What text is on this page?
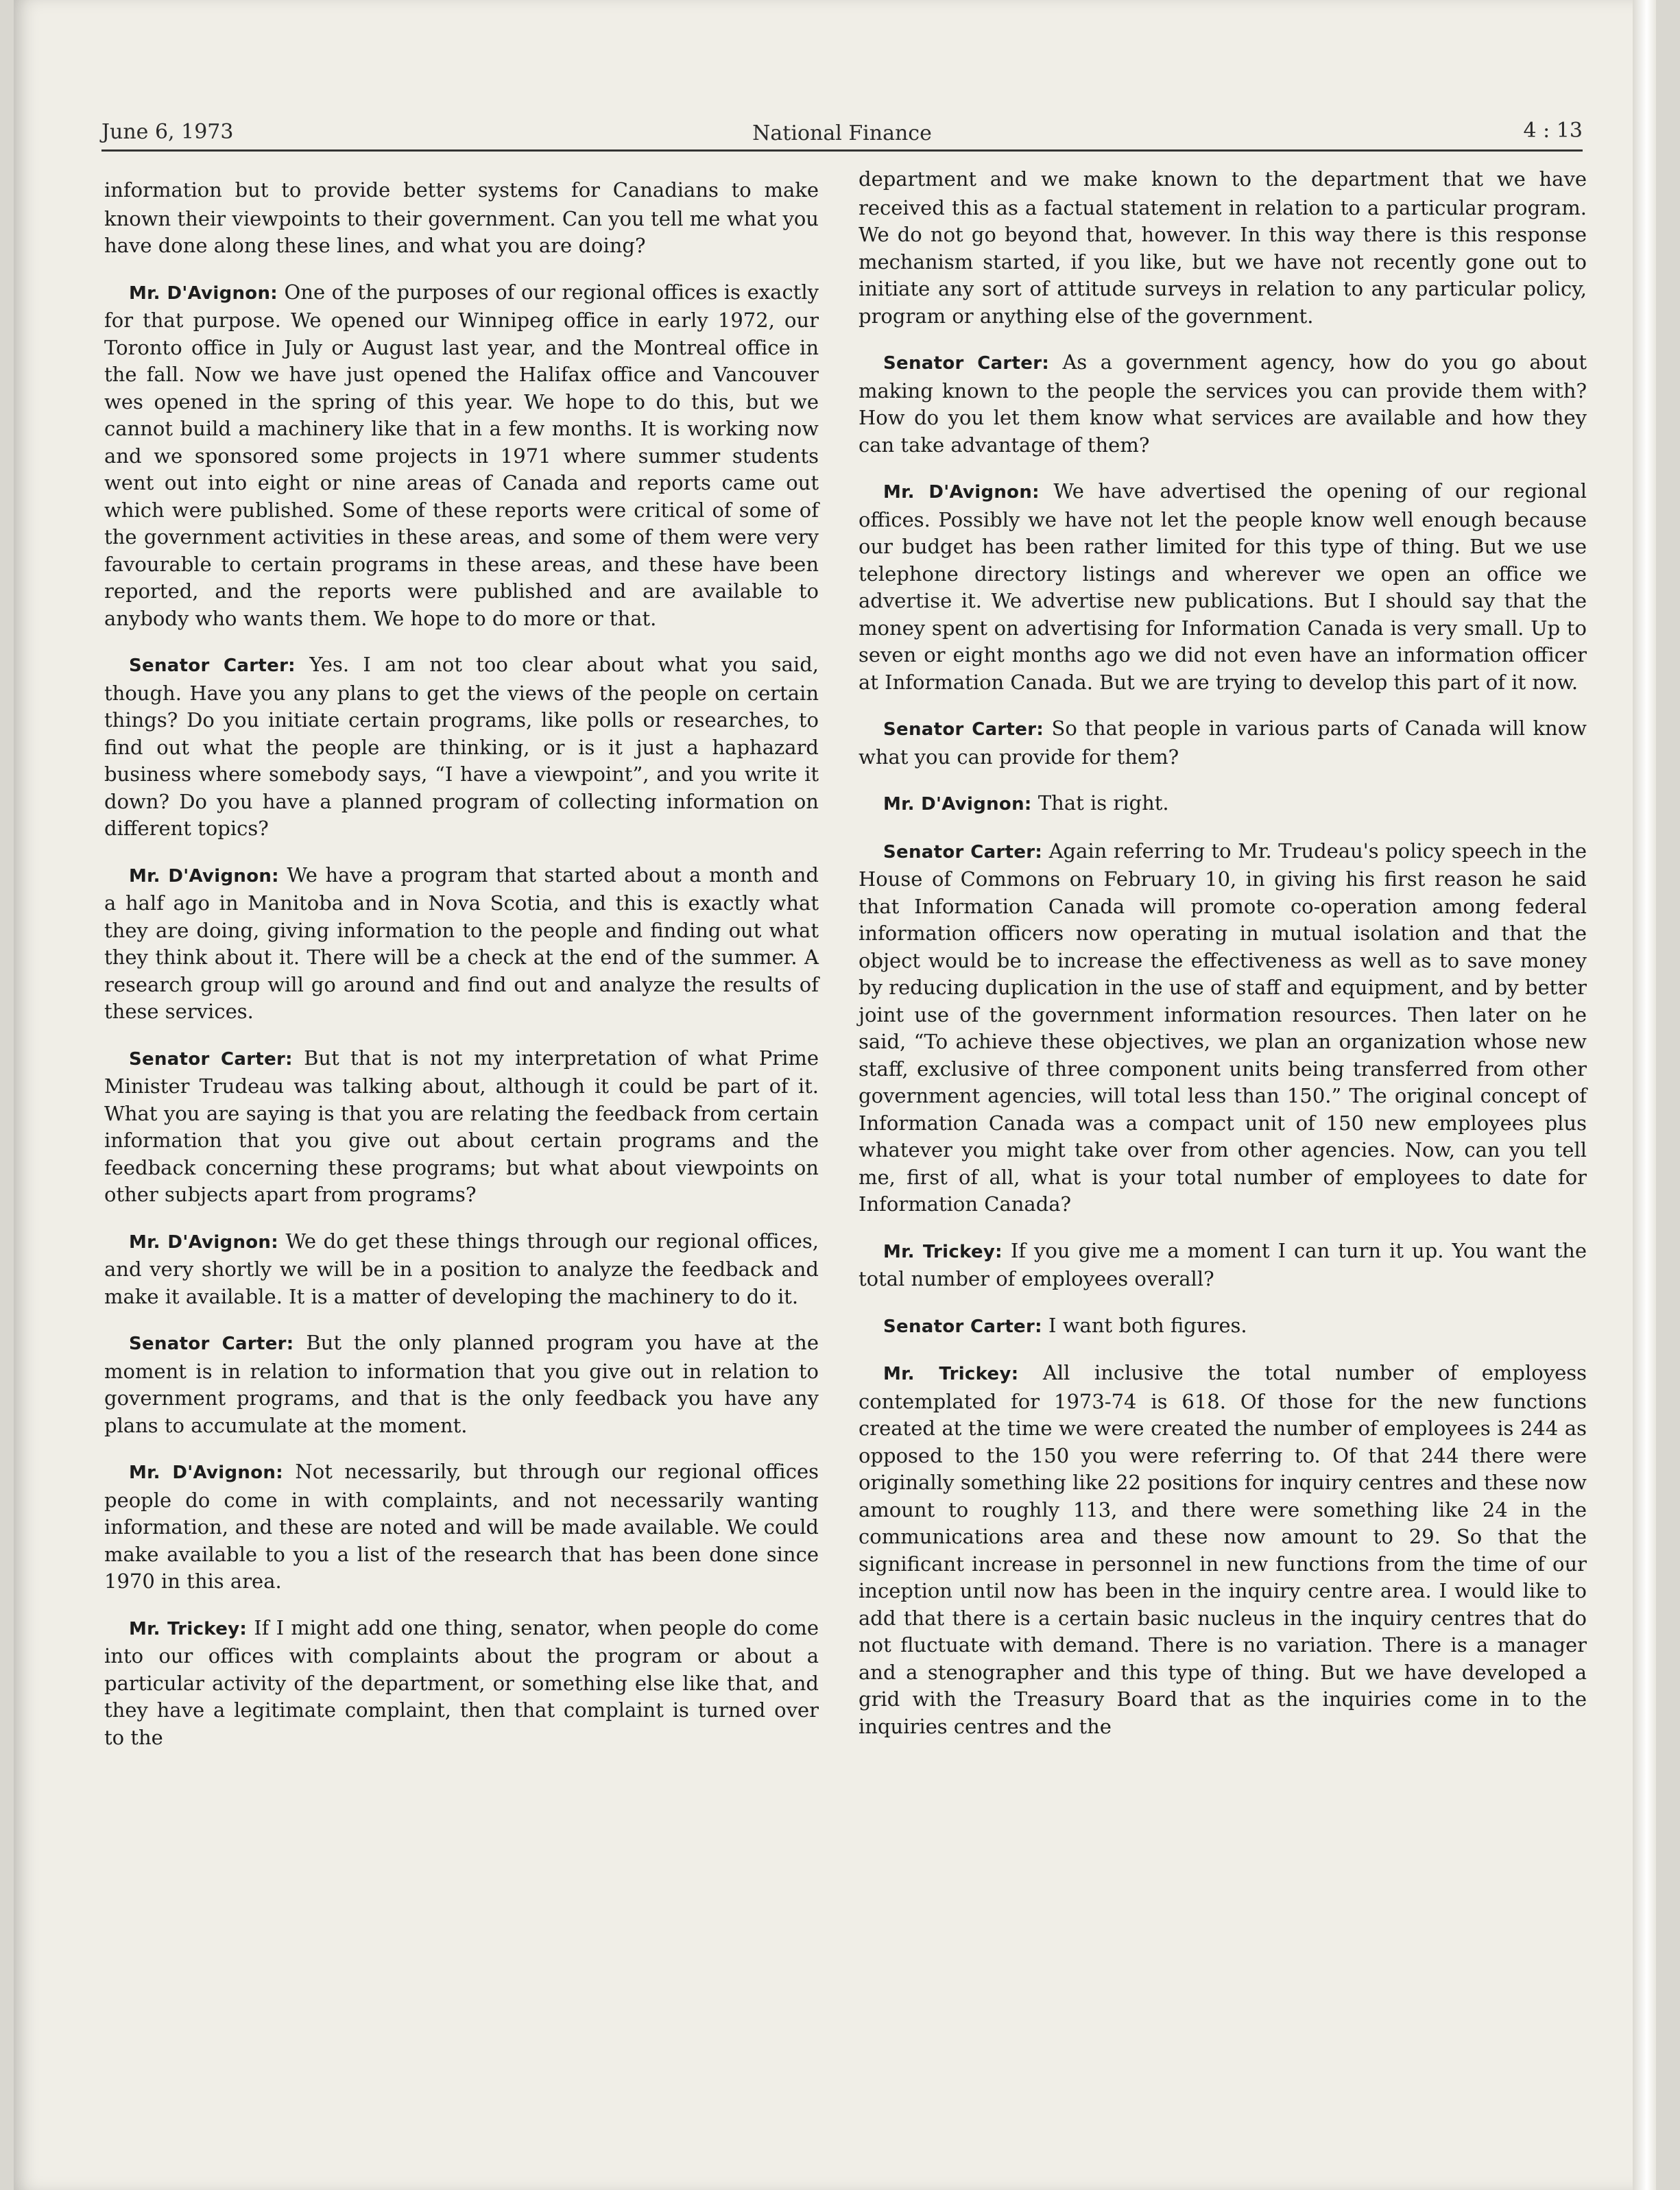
June 6, 1973	National Finance	4 : 13

information but to provide better systems for Canadians to make known their viewpoints to their government. Can you tell me what you have done along these lines, and what you are doing?

Mr. D'Avignon: One of the purposes of our regional offices is exactly for that purpose. We opened our Winnipeg office in early 1972, our Toronto office in July or August last year, and the Montreal office in the fall. Now we have just opened the Halifax office and Vancouver wes opened in the spring of this year. We hope to do this, but we cannot build a machinery like that in a few months. It is working now and we sponsored some projects in 1971 where summer students went out into eight or nine areas of Canada and reports came out which were published. Some of these reports were critical of some of the government activities in these areas, and some of them were very favourable to certain programs in these areas, and these have been reported, and the reports were published and are available to anybody who wants them. We hope to do more or that.

Senator Carter: Yes. I am not too clear about what you said, though. Have you any plans to get the views of the people on certain things? Do you initiate certain programs, like polls or researches, to find out what the people are thinking, or is it just a haphazard business where somebody says, “I have a viewpoint”, and you write it down? Do you have a planned program of collecting information on different topics?

Mr. D'Avignon: We have a program that started about a month and a half ago in Manitoba and in Nova Scotia, and this is exactly what they are doing, giving information to the people and finding out what they think about it. There will be a check at the end of the summer. A research group will go around and find out and analyze the results of these services.

Senator Carter: But that is not my interpretation of what Prime Minister Trudeau was talking about, although it could be part of it. What you are saying is that you are relating the feedback from certain information that you give out about certain programs and the feedback concerning these programs; but what about viewpoints on other subjects apart from programs?

Mr. D'Avignon: We do get these things through our regional offices, and very shortly we will be in a position to analyze the feedback and make it available. It is a matter of developing the machinery to do it.

Senator Carter: But the only planned program you have at the moment is in relation to information that you give out in relation to government programs, and that is the only feedback you have any plans to accumulate at the moment.

Mr. D'Avignon: Not necessarily, but through our regional offices people do come in with complaints, and not necessarily wanting information, and these are noted and will be made available. We could make available to you a list of the research that has been done since 1970 in this area.

Mr. Trickey: If I might add one thing, senator, when people do come into our offices with complaints about the program or about a particular activity of the department, or something else like that, and they have a legitimate complaint, then that complaint is turned over to the

department and we make known to the department that we have received this as a factual statement in relation to a particular program. We do not go beyond that, however. In this way there is this response mechanism started, if you like, but we have not recently gone out to initiate any sort of attitude surveys in relation to any particular policy, program or anything else of the government.

Senator Carter: As a government agency, how do you go about making known to the people the services you can provide them with? How do you let them know what services are available and how they can take advantage of them?

Mr. D'Avignon: We have advertised the opening of our regional offices. Possibly we have not let the people know well enough because our budget has been rather limited for this type of thing. But we use telephone directory listings and wherever we open an office we advertise it. We advertise new publications. But I should say that the money spent on advertising for Information Canada is very small. Up to seven or eight months ago we did not even have an information officer at Information Canada. But we are trying to develop this part of it now.

Senator Carter: So that people in various parts of Canada will know what you can provide for them?

Mr. D'Avignon: That is right.

Senator Carter: Again referring to Mr. Trudeau's policy speech in the House of Commons on February 10, in giving his first reason he said that Information Canada will promote co-operation among federal information officers now operating in mutual isolation and that the object would be to increase the effectiveness as well as to save money by reducing duplication in the use of staff and equipment, and by better joint use of the government information resources. Then later on he said, “To achieve these objectives, we plan an organization whose new staff, exclusive of three component units being transferred from other government agencies, will total less than 150.” The original concept of Information Canada was a compact unit of 150 new employees plus whatever you might take over from other agencies. Now, can you tell me, first of all, what is your total number of employees to date for Information Canada?

Mr. Trickey: If you give me a moment I can turn it up. You want the total number of employees overall?

Senator Carter: I want both figures.

Mr. Trickey: All inclusive the total number of employess contemplated for 1973-74 is 618. Of those for the new functions created at the time we were created the number of employees is 244 as opposed to the 150 you were referring to. Of that 244 there were originally something like 22 positions for inquiry centres and these now amount to roughly 113, and there were something like 24 in the communications area and these now amount to 29. So that the significant increase in personnel in new functions from the time of our inception until now has been in the inquiry centre area. I would like to add that there is a certain basic nucleus in the inquiry centres that do not fluctuate with demand. There is no variation. There is a manager and a stenographer and this type of thing. But we have developed a grid with the Treasury Board that as the inquiries come in to the inquiries centres and the
